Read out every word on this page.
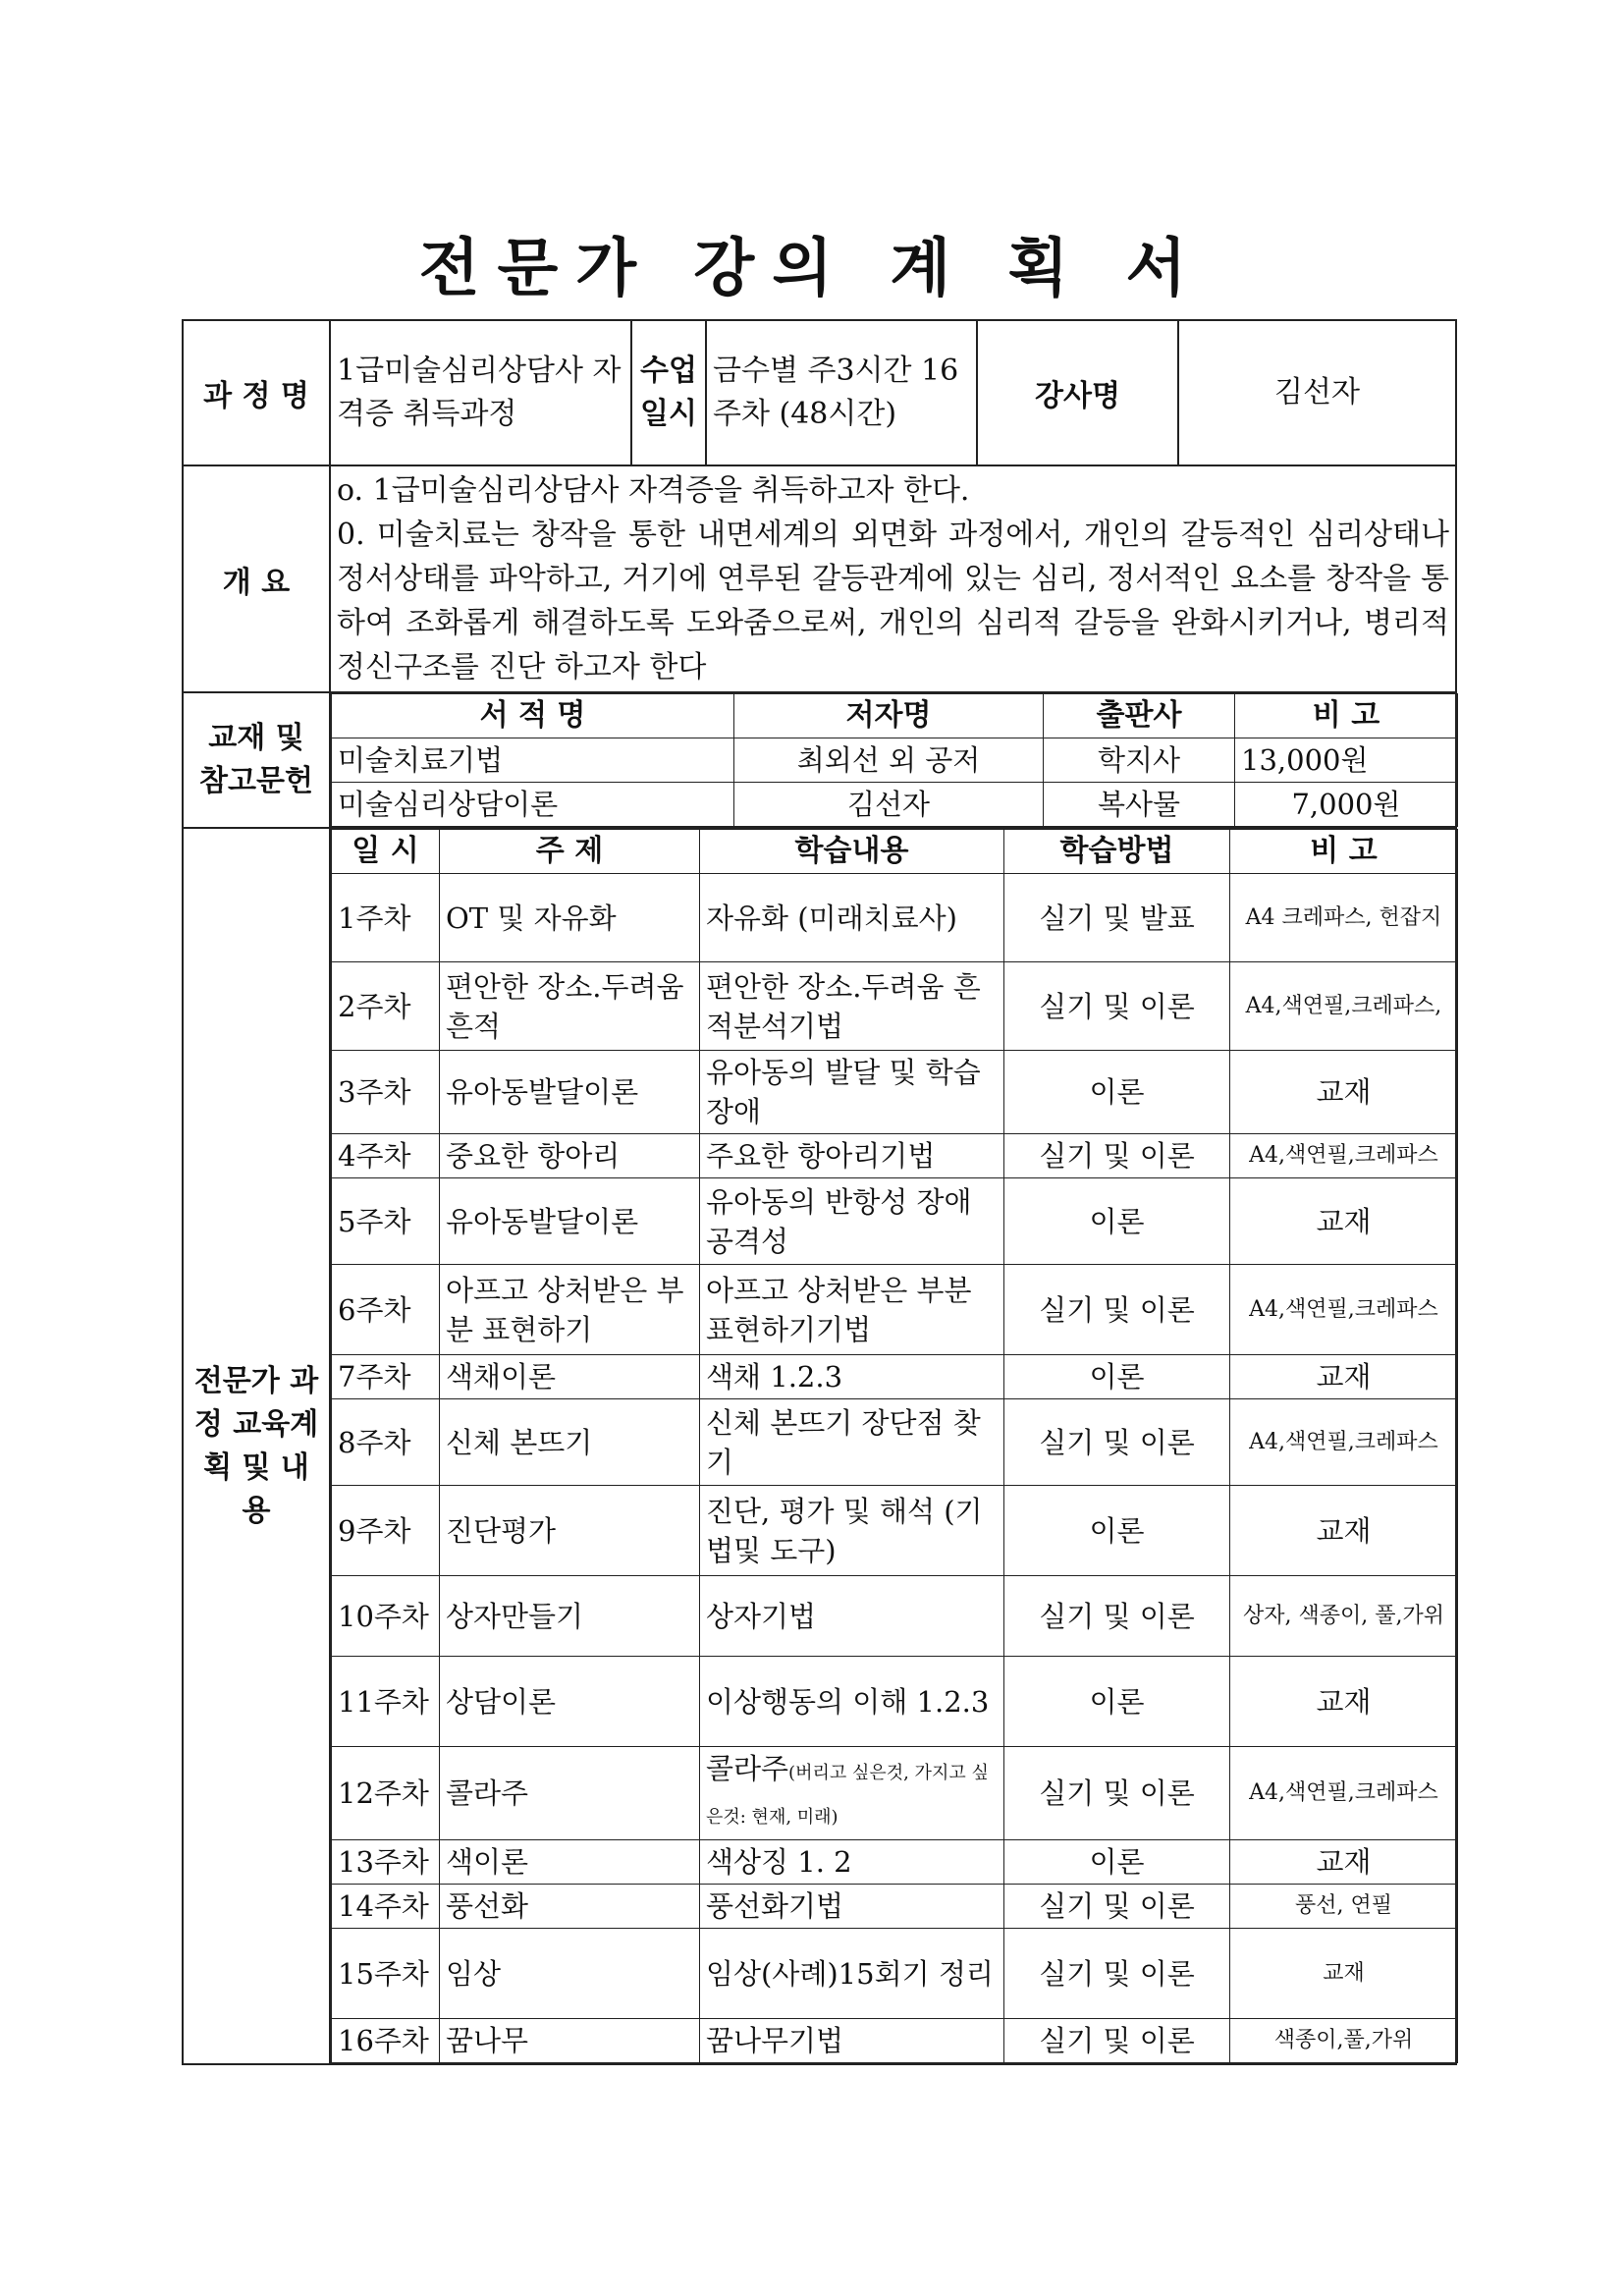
전문가 강의 계 획 서
과 정 명	1급미술심리상담사 자격증 취득과정	수업 일시	금수별 주3시간 16주차 (48시간)	강사명	김선자
개 요	

o. 1급미술심리상담사 자격증을 취득하고자 한다.

0. 미술치료는 창작을 통한 내면세계의 외면화 과정에서, 개인의 갈등적인 심리상태나 정서상태를 파악하고, 거기에 연루된 갈등관계에 있는 심리, 정서적인 요소를 창작을 통하여 조화롭게 해결하도록 도와줌으로써, 개인의 심리적 갈등을 완화시키거나, 병리적 정신구조를 진단 하고자 한다

교재 및 참고문헌	
서 적 명	저자명	출판사	비 고
미술치료기법	최외선 외 공저	학지사	13,000원
미술심리상담이론	김선자	복사물	7,000원

전문가 과정 교육계획 및 내용	
일 시	주 제	학습내용	학습방법	비 고
1주차	OT 및 자유화	자유화 (미래치료사)	실기 및 발표	A4 크레파스, 헌잡지
2주차	편안한 장소.두려움 흔적	편안한 장소.두려움 흔적분석기법	실기 및 이론	A4,색연필,크레파스,
3주차	유아동발달이론	유아동의 발달 및 학습장애	이론	교재
4주차	중요한 항아리	주요한 항아리기법	실기 및 이론	A4,색연필,크레파스
5주차	유아동발달이론	유아동의 반항성 장애 공격성	이론	교재
6주차	아프고 상처받은 부분 표현하기	아프고 상처받은 부분 표현하기기법	실기 및 이론	A4,색연필,크레파스
7주차	색채이론	색채 1.2.3	이론	교재
8주차	신체 본뜨기	신체 본뜨기 장단점 찾기	실기 및 이론	A4,색연필,크레파스
9주차	진단평가	진단, 평가 및 해석 (기법및 도구)	이론	교재
10주차	상자만들기	상자기법	실기 및 이론	상자, 색종이, 풀,가위
11주차	상담이론	이상행동의 이해 1.2.3	이론	교재
12주차	콜라주	콜라주(버리고 싶은것, 가지고 싶은것: 현재, 미래)	실기 및 이론	A4,색연필,크레파스
13주차	색이론	색상징 1. 2	이론	교재
14주차	풍선화	풍선화기법	실기 및 이론	풍선, 연필
15주차	임상	임상(사례)15회기 정리	실기 및 이론	교재
16주차	꿈나무	꿈나무기법	실기 및 이론	색종이,풀,가위
